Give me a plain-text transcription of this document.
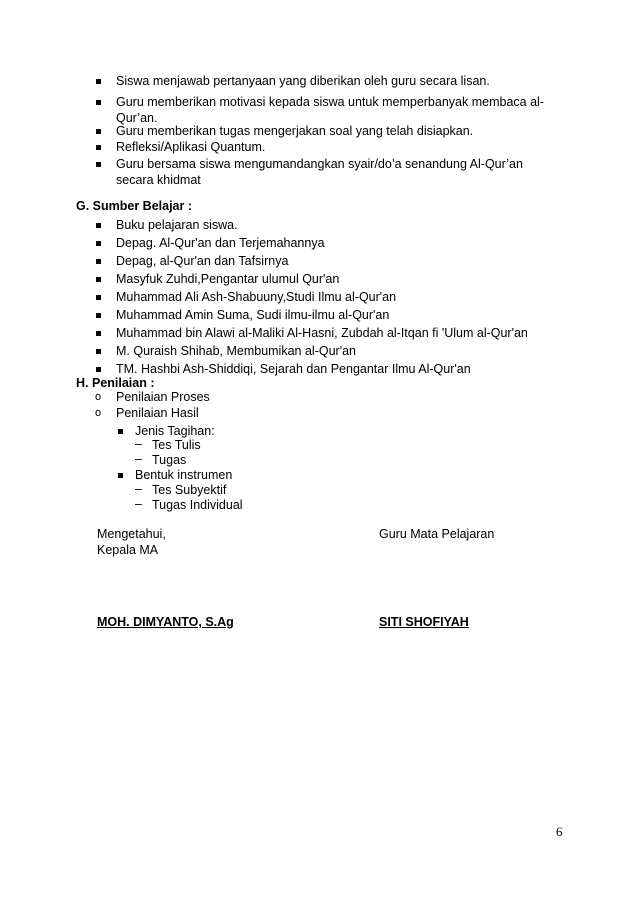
Siswa menjawab pertanyaan yang diberikan oleh guru secara lisan.
Guru memberikan motivasi kepada siswa untuk memperbanyak membaca al-
Qur’an.
Guru memberikan tugas mengerjakan soal yang telah disiapkan.
Refleksi/Aplikasi Quantum.
Guru bersama siswa mengumandangkan syair/do’a senandung Al-Qur’an
secara khidmat
G. Sumber Belajar :
Buku pelajaran siswa.
Depag. Al-Qur'an dan Terjemahannya
Depag, al-Qur'an dan Tafsirnya
Masyfuk Zuhdi,Pengantar ulumul Qur'an
Muhammad Ali Ash-Shabuuny,Studi Ilmu al-Qur'an
Muhammad Amin Suma, Sudi ilmu-ilmu al-Qur'an
Muhammad bin Alawi al-Maliki Al-Hasni, Zubdah al-Itqan fi 'Ulum al-Qur'an
M. Quraish Shihab, Membumikan al-Qur'an
TM. Hashbi Ash-Shiddiqi, Sejarah dan Pengantar Ilmu Al-Qur'an
H. Penilaian :
o Penilaian Proses
o Penilaian Hasil
Jenis Tagihan:
– Tes Tulis
– Tugas
Bentuk instrumen
– Tes Subyektif
– Tugas Individual
Mengetahui,
Kepala MA
Guru Mata Pelajaran
MOH. DIMYANTO, S.Ag	SITI SHOFIYAH
6
